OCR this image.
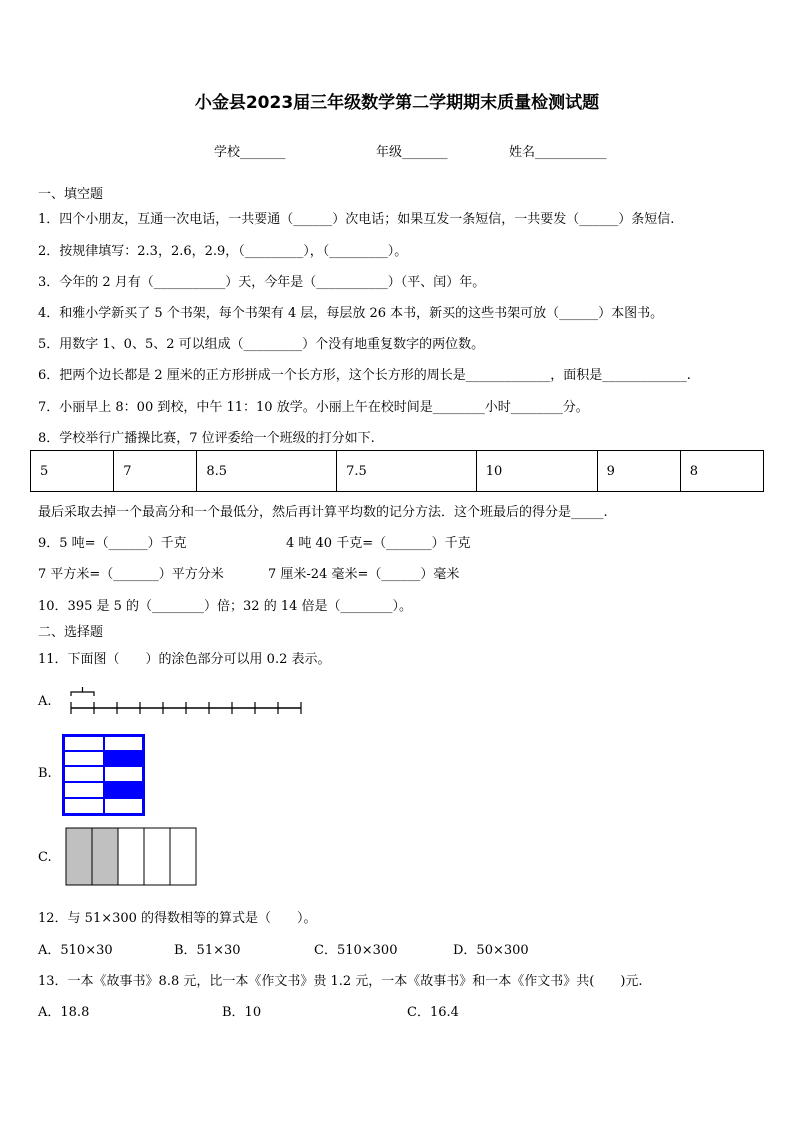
小金县2023届三年级数学第二学期期末质量检测试题
学校_______	年级_______	姓名___________
一、填空题
1．四个小朋友，互通一次电话，一共要通（______）次电话；如果互发一条短信，一共要发（______）条短信.
2．按规律填写：2.3，2.6，2.9，（_________），（_________）。
3．今年的 2 月有（___________）天，今年是（___________）（平、闰）年。
4．和雅小学新买了 5 个书架，每个书架有 4 层，每层放 26 本书，新买的这些书架可放（______）本图书。
5．用数字 1、0、5、2 可以组成（_________）个没有地重复数字的两位数。
6．把两个边长都是 2 厘米的正方形拼成一个长方形，这个长方形的周长是_____________，面积是_____________.
7．小丽早上 8：00 到校，中午 11：10 放学。小丽上午在校时间是________小时________分。
8．学校举行广播操比赛，7 位评委给一个班级的打分如下.
5	7	8.5	7.5	10	9	8
最后采取去掉一个最高分和一个最低分，然后再计算平均数的记分方法．这个班最后的得分是_____.
9．5 吨=（______）千克	4 吨 40 千克=（_______）千克
7 平方米=（_______）平方分米	7 厘米-24 毫米=（______）毫米
10．395 是 5 的（________）倍；32 的 14 倍是（________）。
二、选择题
11．下面图（　　）的涂色部分可以用 0.2 表示。
A.
B.
C.
12．与 51×300 的得数相等的算式是（　　）。
A．510×30	B．51×30	C．510×300	D．50×300
13．一本《故事书》8.8 元，比一本《作文书》贵 1.2 元，一本《故事书》和一本《作文书》共(　　)元.
A．18.8	B．10	C．16.4
